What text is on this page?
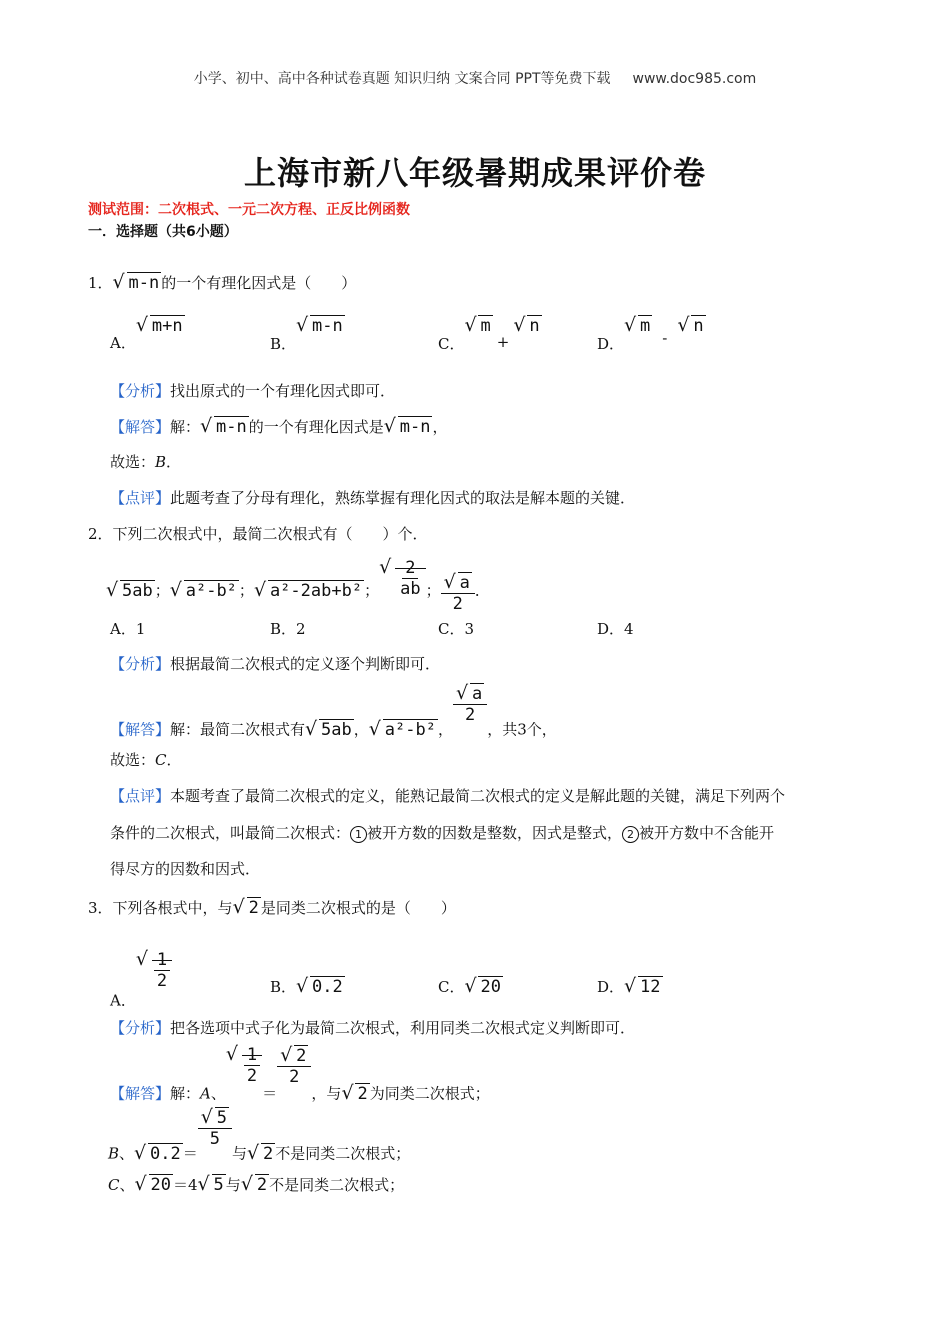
小学、初中、高中各种试卷真题 知识归纳 文案合同 PPT等免费下载 www.doc985.com
上海市新八年级暑期成果评价卷
测试范围：二次根式、一元二次方程、正反比例函数
一．选择题（共6小题）
1． √ m-n 的一个有理化因式是（　　）
A．√ m+n
B．√ m-n
C．√ m+√ n
D．√ m-√ n
【分析】找出原式的一个有理化因式即可．
【解答】解： √ m-n 的一个有理化因式是 √ m-n ，
故选：B．
【点评】此题考查了分母有理化，熟练掌握有理化因式的取法是解本题的关键．
2．下列二次根式中，最简二次根式有（　　）个．
√ 5ab ； √ a²-b² ； √ a²-2ab+b² ； √ $\frac{2}{ab}$ ； √ $\frac{a}{2}$ ．
A．1	B．2	C．3	D．4
【分析】根据最简二次根式的定义逐个判断即可．
【解答】解：最简二次根式有 √ 5ab ， √ a²-b² ，
√ $\frac{a}{2}$
，共3个，
故选：C．
【点评】本题考查了最简二次根式的定义，能熟记最简二次根式的定义是解此题的关键，满足下列两个
条件的二次根式，叫最简二次根式： 1 被开方数的因数是整数，因式是整式， 2 被开方数中不含能开
得尽方的因数和因式．
3．下列各根式中，与 √ 2 是同类二次根式的是（　　）
A．
√ $\frac{1}{2}$	B． √ 0.2	C． √ 20	D． √ 12
【分析】把各选项中式子化为最简二次根式，利用同类二次根式定义判断即可．
【解答】解：A、
√ $\frac{1}{2}$
＝
√ $\frac{2}{2}$
，与 √ 2 为同类二次根式；
B、 √ 0.2 ＝
√ $\frac{5}{5}$
与 √ 2 不是同类二次根式；
C、 √ 20 ＝4 √ 5 与 √ 2 不是同类二次根式；
